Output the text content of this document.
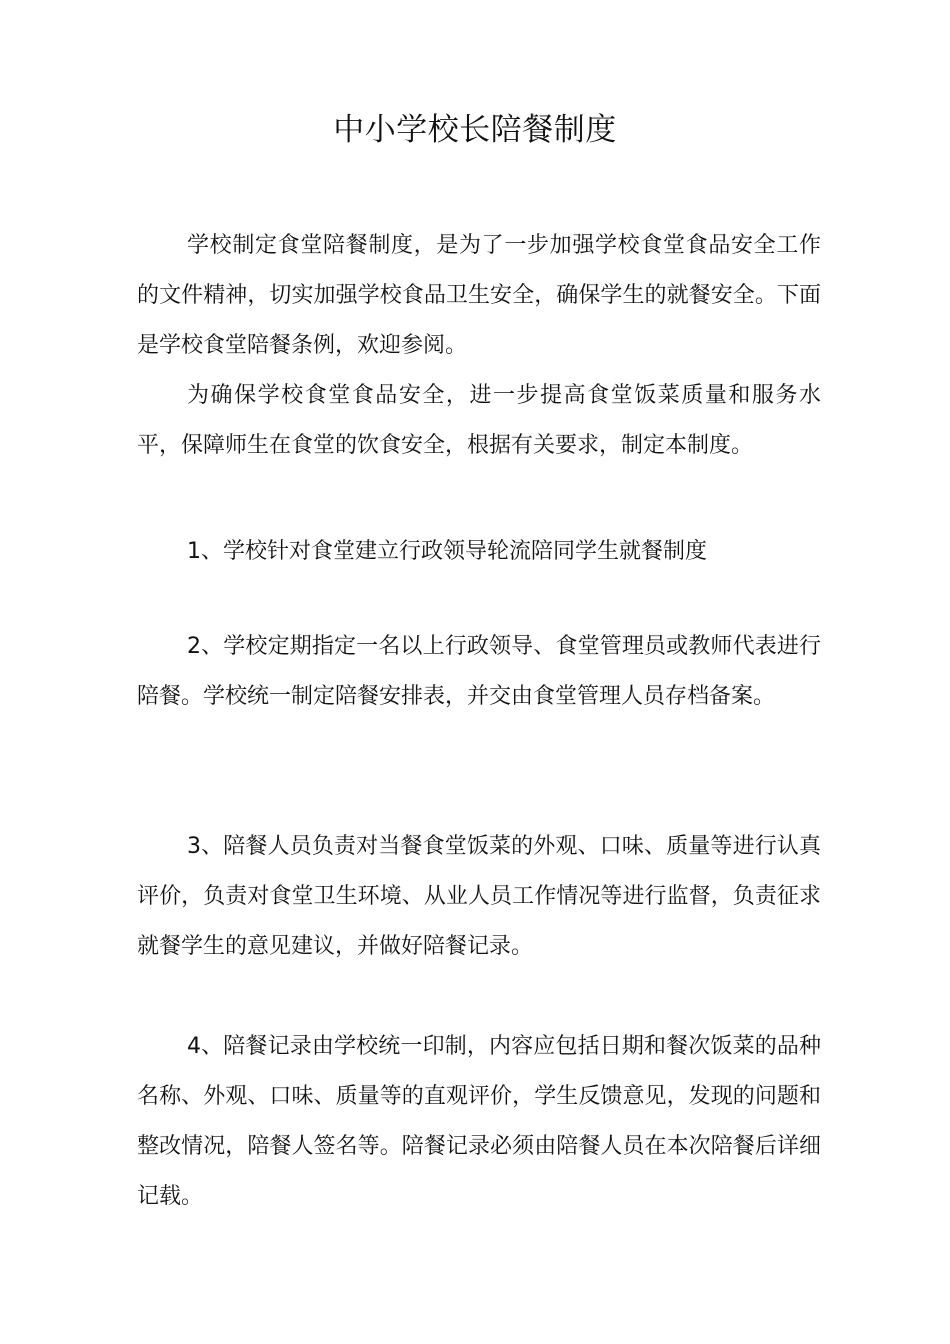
中小学校长陪餐制度

学校制定食堂陪餐制度，是为了一步加强学校食堂食品安全工作的文件精神，切实加强学校食品卫生安全，确保学生的就餐安全。下面是学校食堂陪餐条例，欢迎参阅。

为确保学校食堂食品安全，进一步提高食堂饭菜质量和服务水平，保障师生在食堂的饮食安全，根据有关要求，制定本制度。

1、学校针对食堂建立行政领导轮流陪同学生就餐制度

2、学校定期指定一名以上行政领导、食堂管理员或教师代表进行陪餐。学校统一制定陪餐安排表，并交由食堂管理人员存档备案。

3、陪餐人员负责对当餐食堂饭菜的外观、口味、质量等进行认真评价，负责对食堂卫生环境、从业人员工作情况等进行监督，负责征求就餐学生的意见建议，并做好陪餐记录。

4、陪餐记录由学校统一印制，内容应包括日期和餐次饭菜的品种名称、外观、口味、质量等的直观评价，学生反馈意见，发现的问题和整改情况，陪餐人签名等。陪餐记录必须由陪餐人员在本次陪餐后详细记载。
